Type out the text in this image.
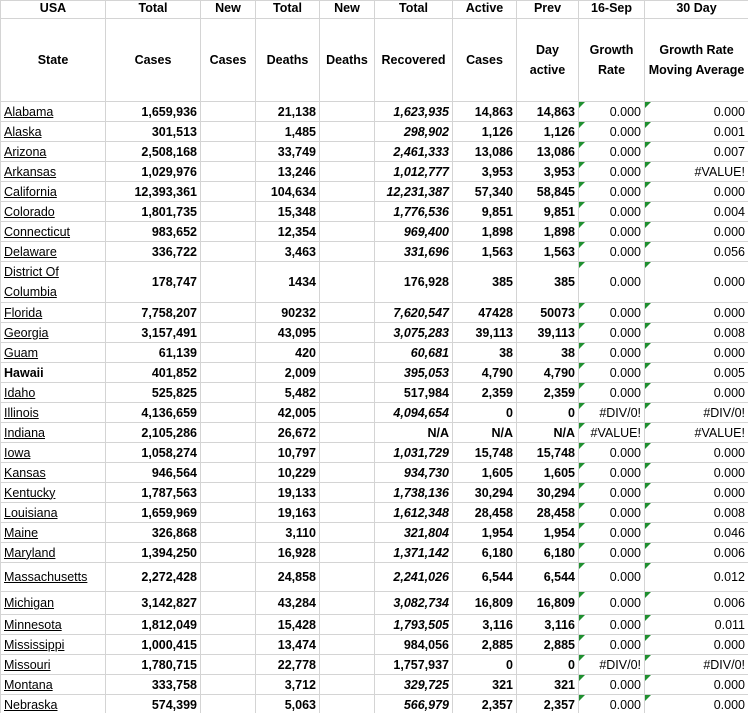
USA	Total	New	Total	New	Total	Active	Prev	16-Sep	30 Day
State	Cases	Cases	Deaths	Deaths	Recovered	Cases	Day active	Growth Rate	Growth Rate Moving Average
Alabama	1,659,936		21,138		1,623,935	14,863	14,863	0.000	0.000
Alaska	301,513		1,485		298,902	1,126	1,126	0.000	0.001
Arizona	2,508,168		33,749		2,461,333	13,086	13,086	0.000	0.007
Arkansas	1,029,976		13,246		1,012,777	3,953	3,953	0.000	#VALUE!
California	12,393,361		104,634		12,231,387	57,340	58,845	0.000	0.000
Colorado	1,801,735		15,348		1,776,536	9,851	9,851	0.000	0.004
Connecticut	983,652		12,354		969,400	1,898	1,898	0.000	0.000
Delaware	336,722		3,463		331,696	1,563	1,563	0.000	0.056
District Of Columbia	178,747		1434		176,928	385	385	0.000	0.000
Florida	7,758,207		90232		7,620,547	47428	50073	0.000	0.000
Georgia	3,157,491		43,095		3,075,283	39,113	39,113	0.000	0.008
Guam	61,139		420		60,681	38	38	0.000	0.000
Hawaii	401,852		2,009		395,053	4,790	4,790	0.000	0.005
Idaho	525,825		5,482		517,984	2,359	2,359	0.000	0.000
Illinois	4,136,659		42,005		4,094,654	0	0	#DIV/0!	#DIV/0!
Indiana	2,105,286		26,672		N/A	N/A	N/A	#VALUE!	#VALUE!
Iowa	1,058,274		10,797		1,031,729	15,748	15,748	0.000	0.000
Kansas	946,564		10,229		934,730	1,605	1,605	0.000	0.000
Kentucky	1,787,563		19,133		1,738,136	30,294	30,294	0.000	0.000
Louisiana	1,659,969		19,163		1,612,348	28,458	28,458	0.000	0.008
Maine	326,868		3,110		321,804	1,954	1,954	0.000	0.046
Maryland	1,394,250		16,928		1,371,142	6,180	6,180	0.000	0.006
Massachusetts	2,272,428		24,858		2,241,026	6,544	6,544	0.000	0.012
Michigan	3,142,827		43,284		3,082,734	16,809	16,809	0.000	0.006
Minnesota	1,812,049		15,428		1,793,505	3,116	3,116	0.000	0.011
Mississippi	1,000,415		13,474		984,056	2,885	2,885	0.000	0.000
Missouri	1,780,715		22,778		1,757,937	0	0	#DIV/0!	#DIV/0!
Montana	333,758		3,712		329,725	321	321	0.000	0.000
Nebraska	574,399		5,063		566,979	2,357	2,357	0.000	0.000
